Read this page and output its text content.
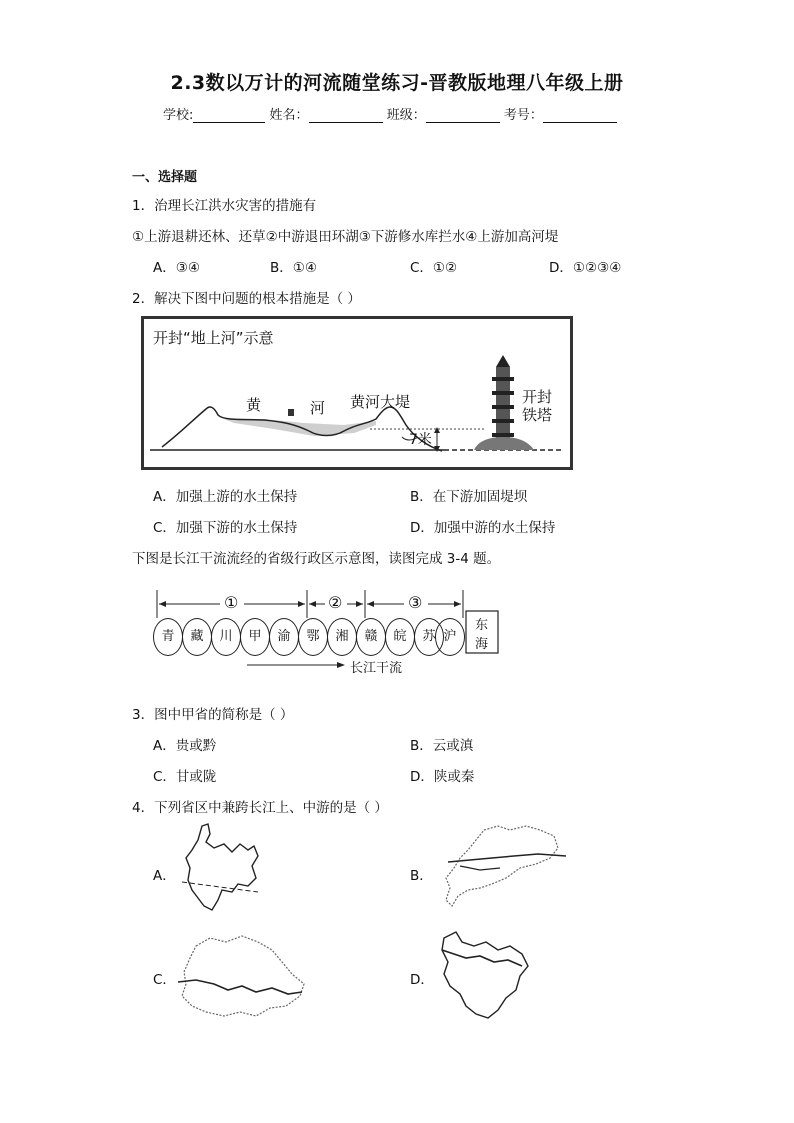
2.3数以万计的河流随堂练习-晋教版地理八年级上册
学校:	姓名：	班级：	考号：
一、选择题
1．治理长江洪水灾害的措施有
①上游退耕还林、还草②中游退田环湖③下游修水库拦水④上游加高河堤
A．③④	B．①④	C．①②	D．①②③④
2．解决下图中问题的根本措施是（ ）
开封“地上河”示意
黄	河 黄河大堤	开封
铁塔
7米
A．加强上游的水土保持	B．在下游加固堤坝
C．加强下游的水土保持	D．加强中游的水土保持
下图是长江干流流经的省级行政区示意图，读图完成 3-4 题。
①	②	③
东
海
长江干流
青	藏	川	甲	渝	鄂	湘	赣	皖	苏 沪
3．图中甲省的简称是（ ）
A．贵或黔	B．云或滇
C．甘或陇	D．陕或秦
4．下列省区中兼跨长江上、中游的是（ ）
A．	B．
C．	D．
